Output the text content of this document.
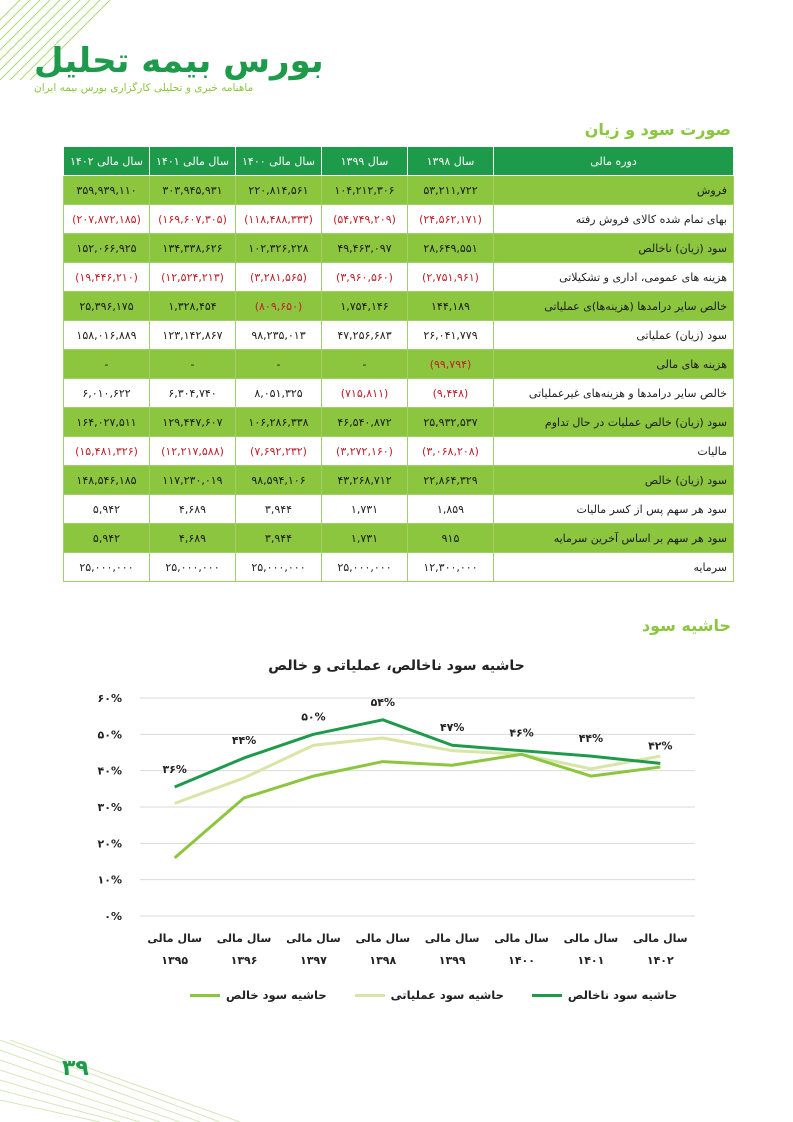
بورس بیمه تحلیل
ماهنامه خبری و تحلیلی کارگزاری بورس بیمه ایران
صورت سود و زیان
دوره مالی	سال ۱۳۹۸	سال ۱۳۹۹	سال مالی ۱۴۰۰	سال مالی ۱۴۰۱	سال مالی ۱۴۰۲
فروش	۵۳,۲۱۱,۷۲۲	۱۰۴,۲۱۲,۳۰۶	۲۲۰,۸۱۴,۵۶۱	۳۰۳,۹۴۵,۹۳۱	۳۵۹,۹۳۹,۱۱۰
بهای تمام شده کالای فروش رفته	(۲۴,۵۶۲,۱۷۱)	(۵۴,۷۴۹,۲۰۹)	(۱۱۸,۴۸۸,۳۳۳)	(۱۶۹,۶۰۷,۳۰۵)	(۲۰۷,۸۷۲,۱۸۵)
سود (زیان) ناخالص	۲۸,۶۴۹,۵۵۱	۴۹,۴۶۳,۰۹۷	۱۰۲,۳۲۶,۲۲۸	۱۳۴,۳۳۸,۶۲۶	۱۵۲,۰۶۶,۹۲۵
هزینه های عمومی، اداری و تشکیلاتی	(۲,۷۵۱,۹۶۱)	(۳,۹۶۰,۵۶۰)	(۳,۲۸۱,۵۶۵)	(۱۲,۵۲۴,۲۱۳)	(۱۹,۴۴۶,۲۱۰)
خالص سایر درامدها (هزینه‌ها)ی عملیاتی	۱۴۴,۱۸۹	۱,۷۵۴,۱۴۶	(۸۰۹,۶۵۰)	۱,۳۲۸,۴۵۴	۲۵,۳۹۶,۱۷۵
سود (زیان) عملیاتی	۲۶,۰۴۱,۷۷۹	۴۷,۲۵۶,۶۸۳	۹۸,۲۳۵,۰۱۳	۱۲۳,۱۴۲,۸۶۷	۱۵۸,۰۱۶,۸۸۹
هزینه های مالی	(۹۹,۷۹۴)	-	-	-	-
خالص سایر درامدها و هزینه‌های غیرعملیاتی	(۹,۴۴۸)	(۷۱۵,۸۱۱)	۸,۰۵۱,۳۲۵	۶,۳۰۴,۷۴۰	۶,۰۱۰,۶۲۲
سود (زیان) خالص عملیات در حال تداوم	۲۵,۹۳۲,۵۳۷	۴۶,۵۴۰,۸۷۲	۱۰۶,۲۸۶,۳۳۸	۱۲۹,۴۴۷,۶۰۷	۱۶۴,۰۲۷,۵۱۱
مالیات	(۳,۰۶۸,۲۰۸)	(۳,۲۷۲,۱۶۰)	(۷,۶۹۲,۲۳۲)	(۱۲,۲۱۷,۵۸۸)	(۱۵,۴۸۱,۳۲۶)
سود (زیان) خالص	۲۲,۸۶۴,۳۲۹	۴۳,۲۶۸,۷۱۲	۹۸,۵۹۴,۱۰۶	۱۱۷,۲۳۰,۰۱۹	۱۴۸,۵۴۶,۱۸۵
سود هر سهم پس از کسر مالیات	۱,۸۵۹	۱,۷۳۱	۳,۹۴۴	۴,۶۸۹	۵,۹۴۲
سود هر سهم بر اساس آخرین سرمایه	۹۱۵	۱,۷۳۱	۳,۹۴۴	۴,۶۸۹	۵,۹۴۲
سرمایه	۱۲,۳۰۰,۰۰۰	۲۵,۰۰۰,۰۰۰	۲۵,۰۰۰,۰۰۰	۲۵,۰۰۰,۰۰۰	۲۵,۰۰۰,۰۰۰
حاشیه سود
حاشیه سود ناخالص، عملیاتی و خالص
۰%
۱۰%
۲۰%
۳۰%
۴۰%
۵۰%
۶۰%
سال مالی
۱۳۹۵
سال مالی
۱۳۹۶
سال مالی
۱۳۹۷
سال مالی
۱۳۹۸
سال مالی
۱۳۹۹
سال مالی
۱۴۰۰
سال مالی
۱۴۰۱
سال مالی
۱۴۰۲
۳۶%
۴۴%
۵۰%
۵۴%
۴۷%	۴۶%	۴۴%
۴۲%
حاشیه سود ناخالص
حاشیه سود عملیاتی
حاشیه سود خالص
۳۹
